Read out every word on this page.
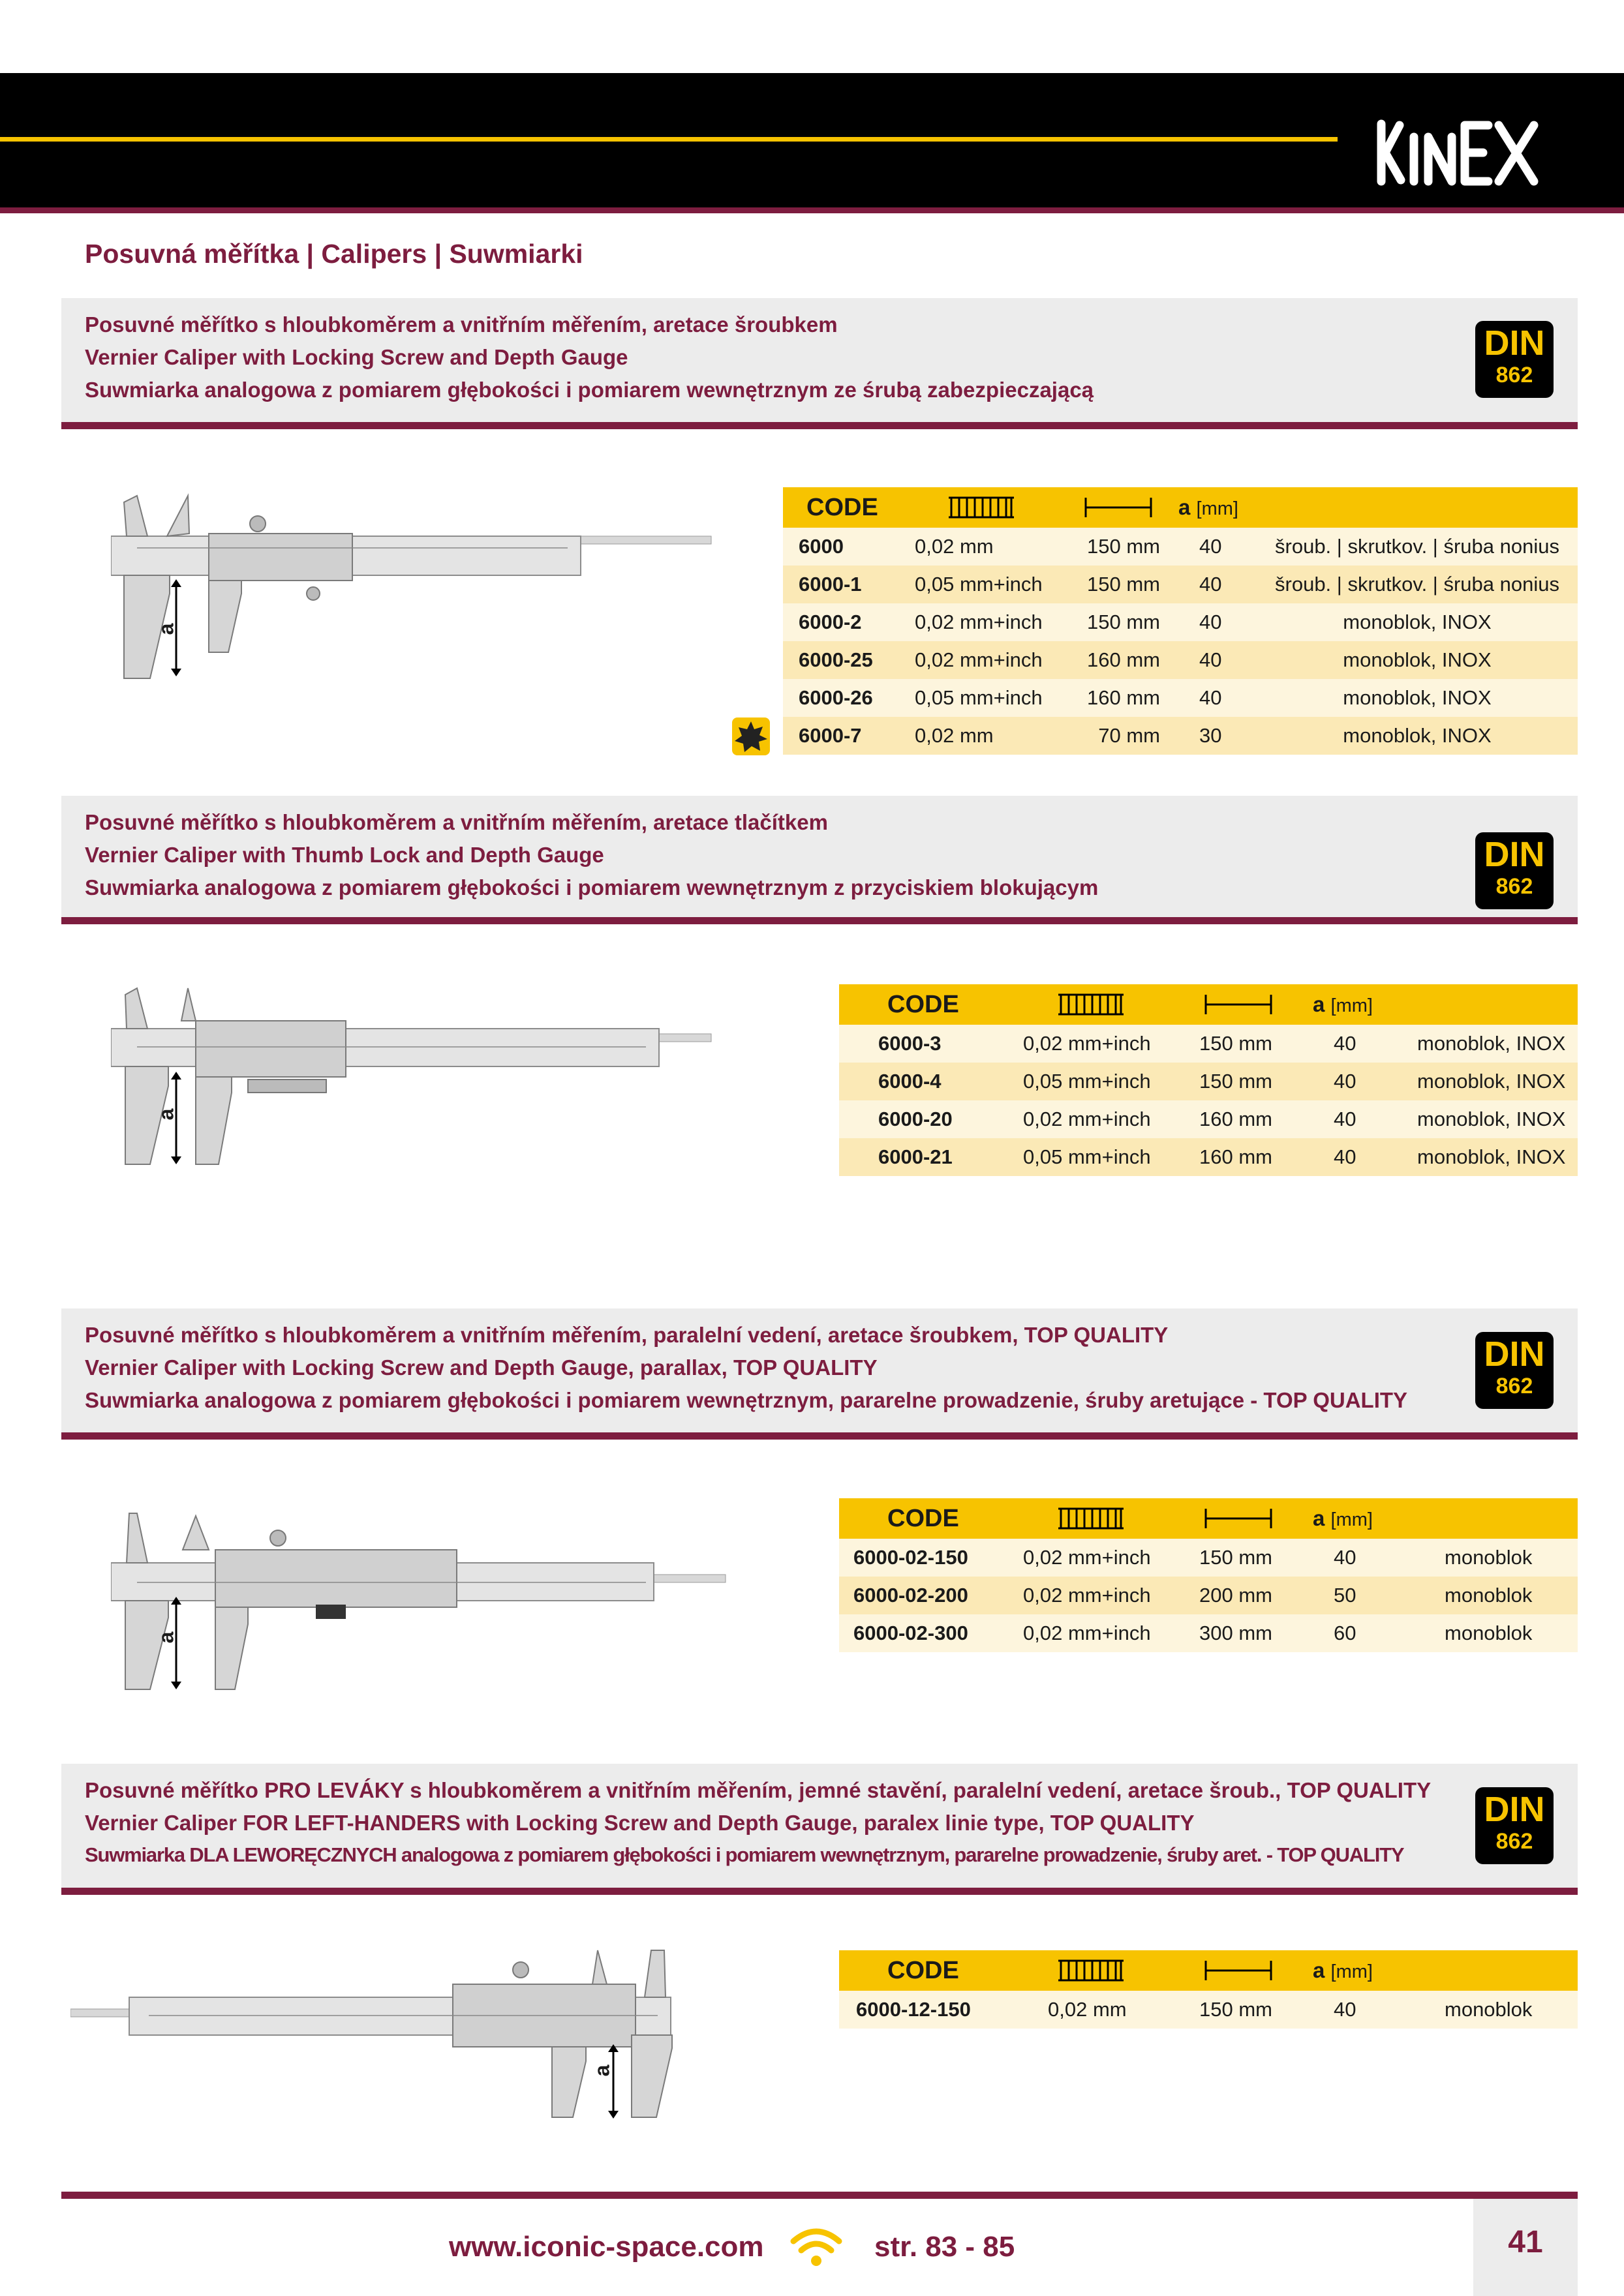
Posuvná měřítka | Calipers | Suwmiarki
Posuvné měřítko s hloubkoměrem a vnitřním měřením, aretace šroubkem
Vernier Caliper with Locking Screw and Depth Gauge
Suwmiarka analogowa z pomiarem głębokości i pomiarem wewnętrznym ze śrubą zabezpieczającą
DIN
862
a
CODE	a [mm]
6000	0,02 mm	150 mm 40	šroub. | skrutkov. | śruba nonius
6000-1	0,05 mm+inch	150 mm 40	šroub. | skrutkov. | śruba nonius
6000-2	0,02 mm+inch	150 mm 40	monoblok, INOX
6000-25 0,02 mm+inch	160 mm 40	monoblok, INOX
6000-26 0,05 mm+inch	160 mm 40	monoblok, INOX
6000-7	0,02 mm	70 mm 30	monoblok, INOX
Posuvné měřítko s hloubkoměrem a vnitřním měřením, aretace tlačítkem
Vernier Caliper with Thumb Lock and Depth Gauge
Suwmiarka analogowa z pomiarem głębokości i pomiarem wewnętrznym z przyciskiem blokującym
DIN
862
a
CODE	a [mm]
6000-3	0,02 mm+inch 150 mm	40	monoblok, INOX
6000-4	0,05 mm+inch 150 mm	40	monoblok, INOX
6000-20	0,02 mm+inch 160 mm	40	monoblok, INOX
6000-21	0,05 mm+inch 160 mm	40	monoblok, INOX
Posuvné měřítko s hloubkoměrem a vnitřním měřením, paralelní vedení, aretace šroubkem, TOP QUALITY
Vernier Caliper with Locking Screw and Depth Gauge, parallax, TOP QUALITY
Suwmiarka analogowa z pomiarem głębokości i pomiarem wewnętrznym, pararelne prowadzenie, śruby aretujące - TOP QUALITY
DIN
862
a
CODE	a [mm]
6000-02-150	0,02 mm+inch 150 mm	40	monoblok
6000-02-200	0,02 mm+inch 200 mm	50	monoblok
6000-02-300	0,02 mm+inch 300 mm	60	monoblok
Posuvné měřítko PRO LEVÁKY s hloubkoměrem a vnitřním měřením, jemné stavění, paralelní vedení, aretace šroub., TOP QUALITY
Vernier Caliper FOR LEFT-HANDERS with Locking Screw and Depth Gauge, paralex linie type, TOP QUALITY
Suwmiarka DLA LEWORĘCZNYCH analogowa z pomiarem głębokości i pomiarem wewnętrznym, pararelne prowadzenie, śruby aret. - TOP QUALITY
DIN
862
a
CODE	a [mm]
6000-12-150	0,02 mm	150 mm	40	monoblok
41
www.iconic-space.com	str. 83 - 85
